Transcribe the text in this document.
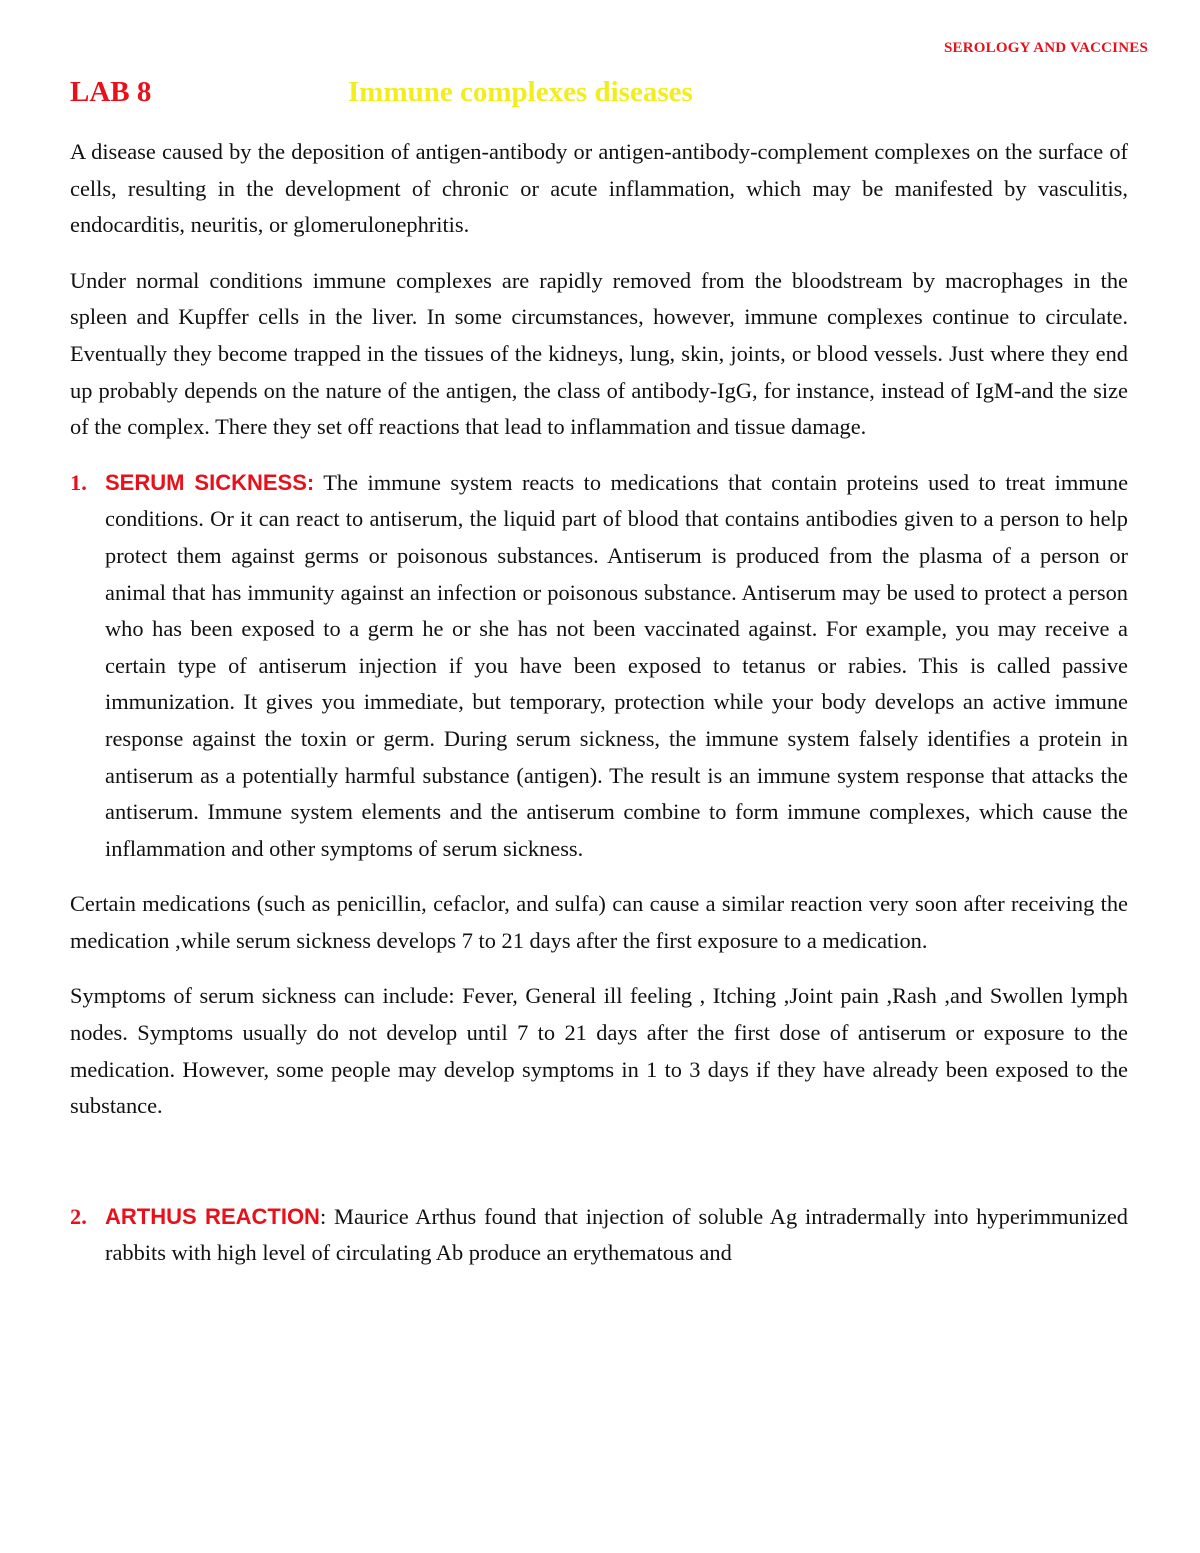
SEROLOGY AND VACCINES
LAB 8	Immune complexes diseases

A disease caused by the deposition of antigen-antibody or antigen-antibody-complement complexes on the surface of cells, resulting in the development of chronic or acute inflammation, which may be manifested by vasculitis, endocarditis, neuritis, or glomerulonephritis.

Under normal conditions immune complexes are rapidly removed from the bloodstream by macrophages in the spleen and Kupffer cells in the liver. In some circumstances, however, immune complexes continue to circulate. Eventually they become trapped in the tissues of the kidneys, lung, skin, joints, or blood vessels. Just where they end up probably depends on the nature of the antigen, the class of antibody-IgG, for instance, instead of IgM-and the size of the complex. There they set off reactions that lead to inflammation and tissue damage.

1. SERUM SICKNESS: The immune system reacts to medications that contain proteins used to treat immune conditions. Or it can react to antiserum, the liquid part of blood that contains antibodies given to a person to help protect them against germs or poisonous substances. Antiserum is produced from the plasma of a person or animal that has immunity against an infection or poisonous substance. Antiserum may be used to protect a person who has been exposed to a germ he or she has not been vaccinated against. For example, you may receive a certain type of antiserum injection if you have been exposed to tetanus or rabies. This is called passive immunization. It gives you immediate, but temporary, protection while your body develops an active immune response against the toxin or germ. During serum sickness, the immune system falsely identifies a protein in antiserum as a potentially harmful substance (antigen). The result is an immune system response that attacks the antiserum. Immune system elements and the antiserum combine to form immune complexes, which cause the inflammation and other symptoms of serum sickness.

Certain medications (such as penicillin, cefaclor, and sulfa) can cause a similar reaction very soon after receiving the medication ,while serum sickness develops 7 to 21 days after the first exposure to a medication.

Symptoms of serum sickness can include: Fever, General ill feeling , Itching ,Joint pain ,Rash ,and Swollen lymph nodes. Symptoms usually do not develop until 7 to 21 days after the first dose of antiserum or exposure to the medication. However, some people may develop symptoms in 1 to 3 days if they have already been exposed to the substance.

2. ARTHUS REACTION: Maurice Arthus found that injection of soluble Ag intradermally into hyperimmunized rabbits with high level of circulating Ab produce an erythematous and
